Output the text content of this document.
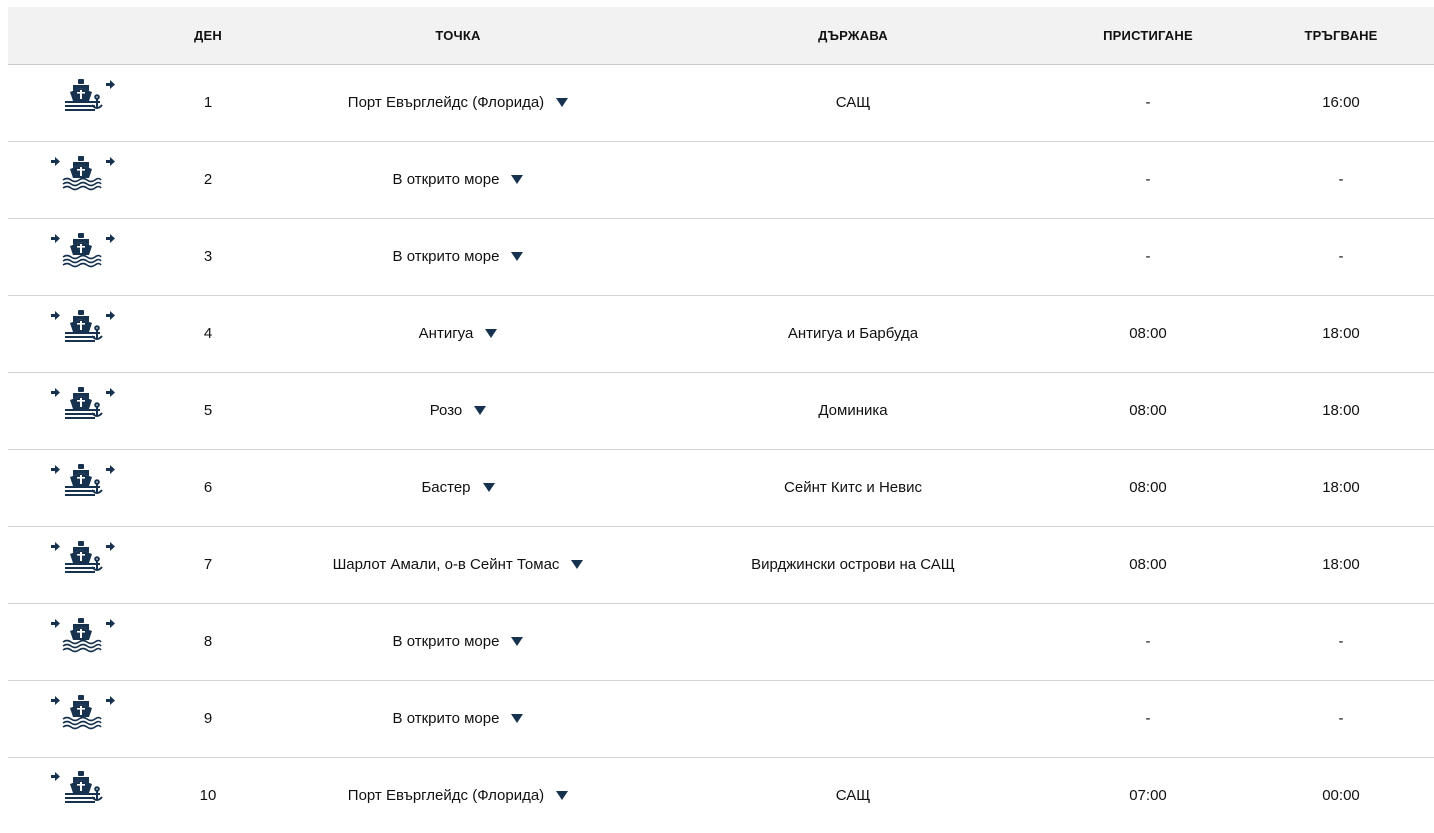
	ДЕН	ТОЧКА	ДЪРЖАВА	ПРИСТИГАНЕ	ТРЪГВАНЕ

	1	Порт Евърглейдс (Флорида)	САЩ	-	16:00

	2	В открито море		-	-

	3	В открито море		-	-

	4	Антигуа	Антигуа и Барбуда	08:00	18:00

	5	Розо	Доминика	08:00	18:00

	6	Бастер	Сейнт Китс и Невис	08:00	18:00

	7	Шарлот Амали, о-в Сейнт Томас	Вирджински острови на САЩ	08:00	18:00

	8	В открито море		-	-

	9	В открито море		-	-

	10	Порт Евърглейдс (Флорида)	САЩ	07:00	00:00
